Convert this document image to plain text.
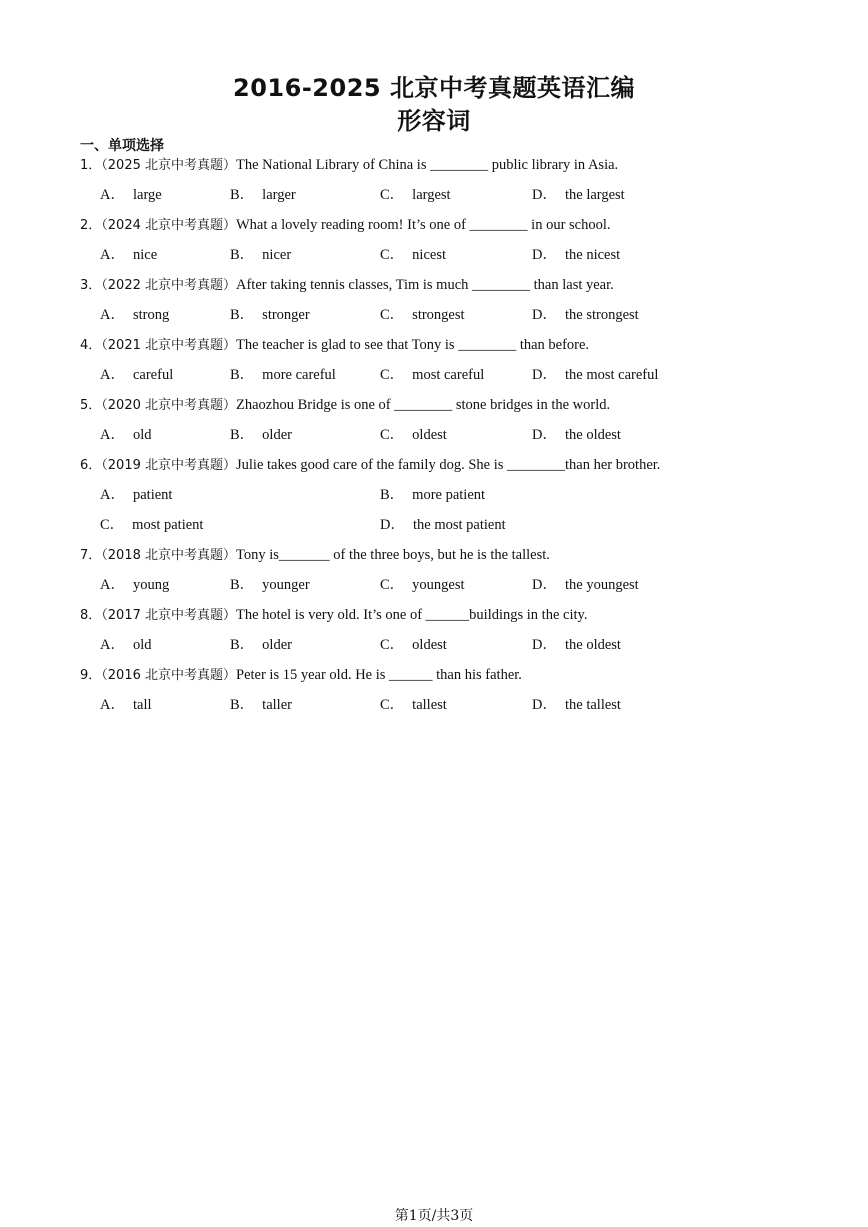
2016-2025 北京中考真题英语汇编
形容词
一、单项选择
1．（2025 北京中考真题）The National Library of China is ________ public library in Asia.
A． large	B． larger	C． largest	D． the largest
2．（2024 北京中考真题）What a lovely reading room! It’s one of ________ in our school.
A． nice	B． nicer	C． nicest	D． the nicest
3．（2022 北京中考真题）After taking tennis classes, Tim is much ________ than last year.
A． strong	B． stronger	C． strongest	D． the strongest
4．（2021 北京中考真题）The teacher is glad to see that Tony is ________ than before.
A． careful	B． more careful	C． most careful	D． the most careful
5．（2020 北京中考真题）Zhaozhou Bridge is one of ________ stone bridges in the world.
A． old	B． older	C． oldest	D． the oldest
6．（2019 北京中考真题）Julie takes good care of the family dog. She is ________than her brother.
A． patient	B． more patient
C． most patient	D． the most patient
7．（2018 北京中考真题）Tony is_______ of the three boys, but he is the tallest.
A． young	B． younger	C． youngest	D． the youngest
8．（2017 北京中考真题）The hotel is very old. It’s one of ______buildings in the city.
A． old	B． older	C． oldest	D． the oldest
9．（2016 北京中考真题）Peter is 15 year old. He is ______ than his father.
A． tall	B． taller	C． tallest	D． the tallest
第1页/共3页
